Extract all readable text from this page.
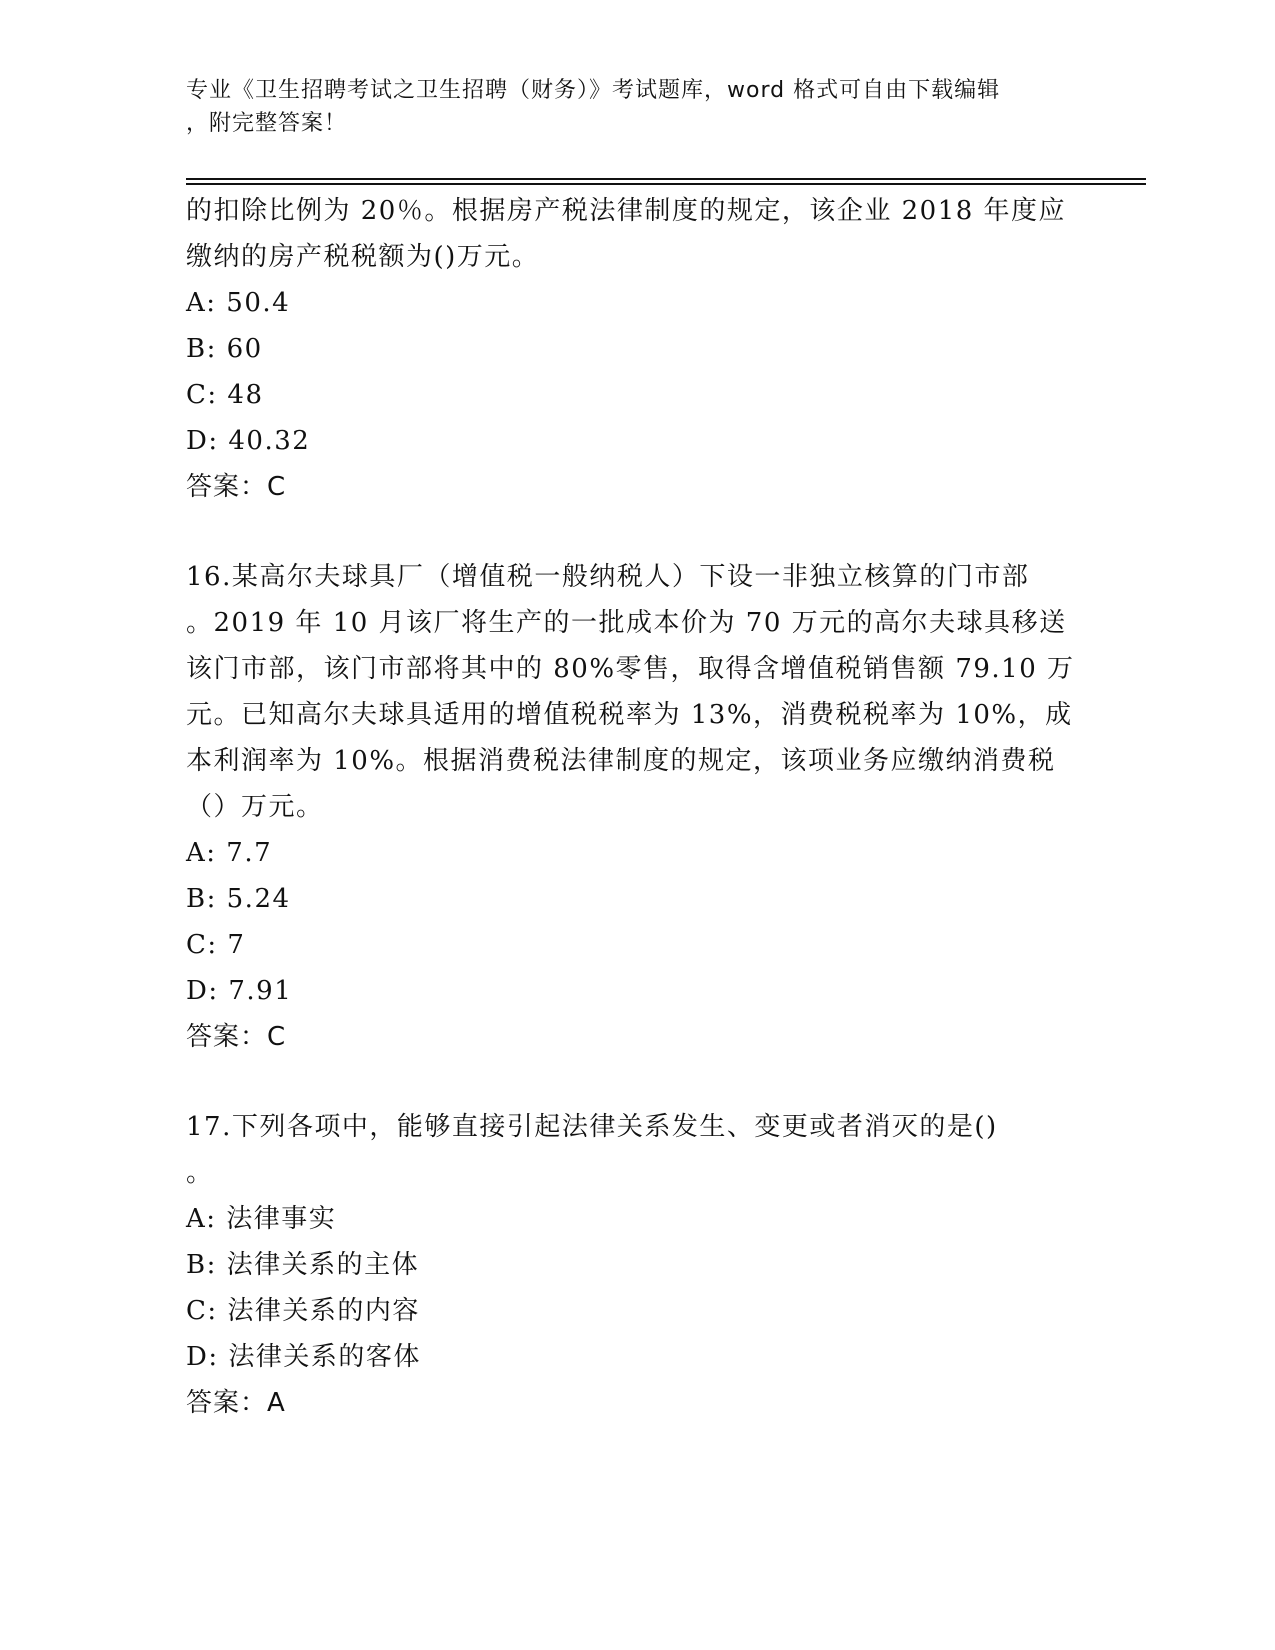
专业《卫生招聘考试之卫生招聘（财务）》考试题库，word 格式可自由下载编辑
，附完整答案！

的扣除比例为 20％。根据房产税法律制度的规定，该企业 2018 年度应

缴纳的房产税税额为()万元。

A: 50.4

B: 60

C: 48

D: 40.32

答案：C

16.某高尔夫球具厂（增值税一般纳税人）下设一非独立核算的门市部

。2019 年 10 月该厂将生产的一批成本价为 70 万元的高尔夫球具移送

该门市部，该门市部将其中的 80%零售，取得含增值税销售额 79.10 万

元。已知高尔夫球具适用的增值税税率为 13%，消费税税率为 10%，成

本利润率为 10%。根据消费税法律制度的规定，该项业务应缴纳消费税

（）万元。

A: 7.7

B: 5.24

C: 7

D: 7.91

答案：C

17.下列各项中，能够直接引起法律关系发生、变更或者消灭的是()

。

A: 法律事实

B: 法律关系的主体

C: 法律关系的内容

D: 法律关系的客体

答案：A
